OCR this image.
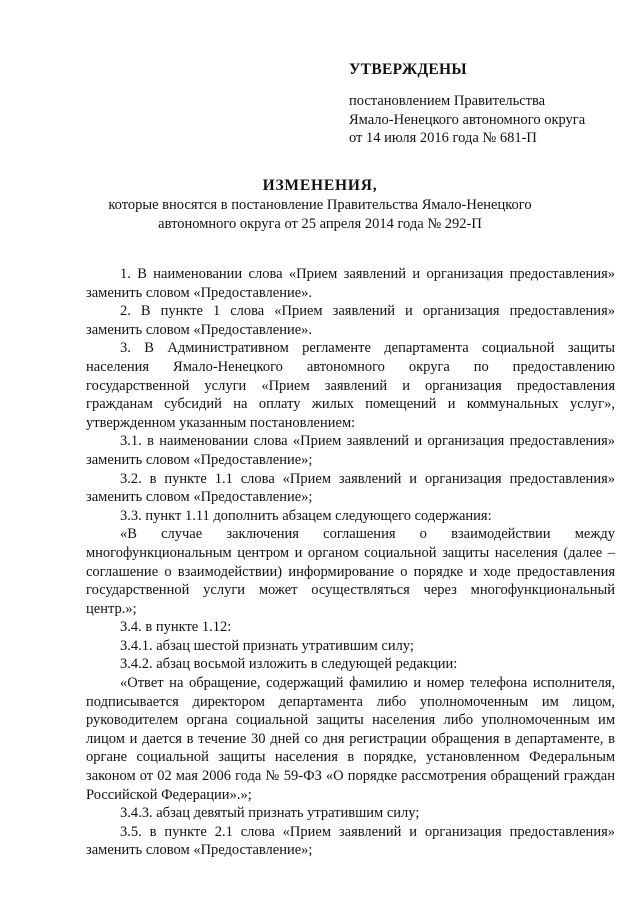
УТВЕРЖДЕНЫ
постановлением Правительства
Ямало-Ненецкого автономного округа
от 14 июля 2016 года № 681-П
ИЗМЕНЕНИЯ,
которые вносятся в постановление Правительства Ямало-Ненецкого
автономного округа от 25 апреля 2014 года № 292-П

1. В наименовании слова «Прием заявлений и организация предоставления» заменить словом «Предоставление».

2. В пункте 1 слова «Прием заявлений и организация предоставления» заменить словом «Предоставление».

3. В Административном регламенте департамента социальной защиты населения Ямало-Ненецкого автономного округа по предоставлению государственной услуги «Прием заявлений и организация предоставления гражданам субсидий на оплату жилых помещений и коммунальных услуг», утвержденном указанным постановлением:

3.1. в наименовании слова «Прием заявлений и организация предоставления» заменить словом «Предоставление»;

3.2. в пункте 1.1 слова «Прием заявлений и организация предоставления» заменить словом «Предоставление»;

3.3. пункт 1.11 дополнить абзацем следующего содержания:

«В случае заключения соглашения о взаимодействии между многофункциональным центром и органом социальной защиты населения (далее – соглашение о взаимодействии) информирование о порядке и ходе предоставления государственной услуги может осуществляться через многофункциональный центр.»;

3.4. в пункте 1.12:

3.4.1. абзац шестой признать утратившим силу;

3.4.2. абзац восьмой изложить в следующей редакции:

«Ответ на обращение, содержащий фамилию и номер телефона исполнителя, подписывается директором департамента либо уполномоченным им лицом, руководителем органа социальной защиты населения либо уполномоченным им лицом и дается в течение 30 дней со дня регистрации обращения в департаменте, в органе социальной защиты населения в порядке, установленном Федеральным законом от 02 мая 2006 года № 59-ФЗ «О порядке рассмотрения обращений граждан Российской Федерации».»;

3.4.3. абзац девятый признать утратившим силу;

3.5. в пункте 2.1 слова «Прием заявлений и организация предоставления» заменить словом «Предоставление»;
